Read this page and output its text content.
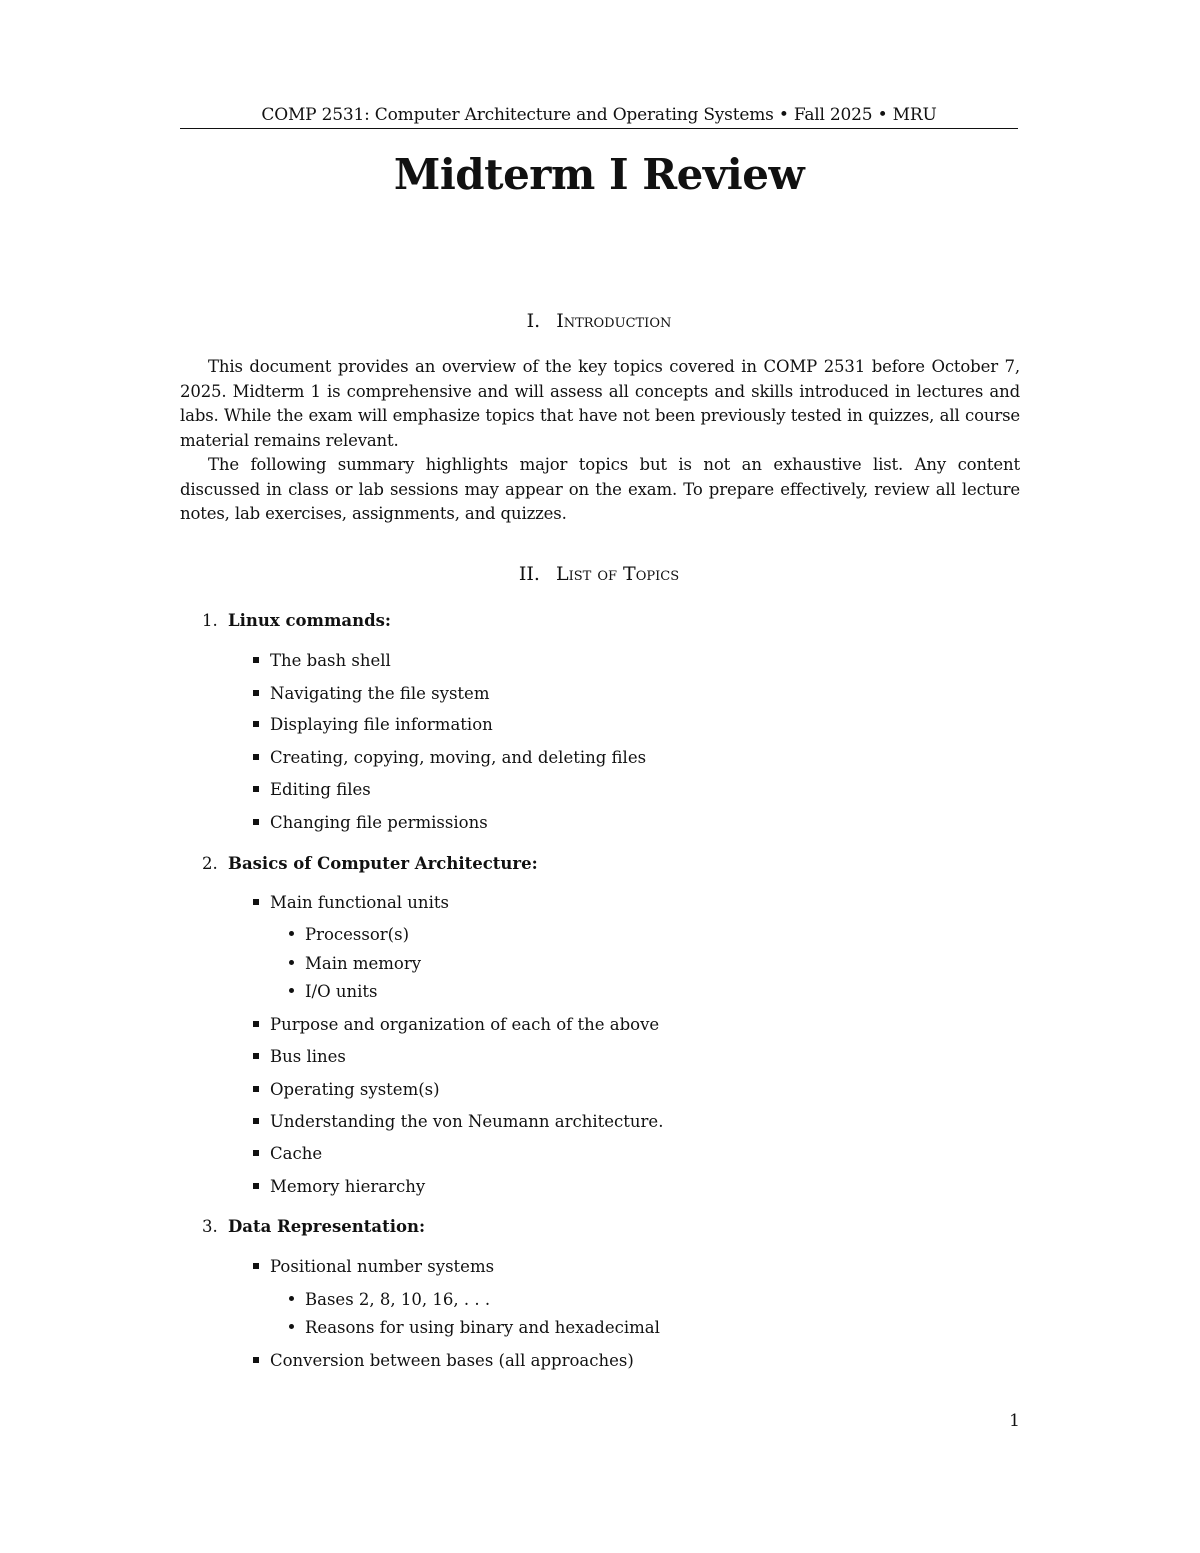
COMP 2531: Computer Architecture and Operating Systems • Fall 2025 • MRU
Midterm I Review
I. Introduction

This document provides an overview of the key topics covered in COMP 2531 before October 7, 2025. Midterm 1 is comprehensive and will assess all concepts and skills introduced in lectures and labs. While the exam will emphasize topics that have not been previously tested in quizzes, all course material remains relevant.

The following summary highlights major topics but is not an exhaustive list. Any content discussed in class or lab sessions may appear on the exam. To prepare effectively, review all lecture notes, lab exercises, assignments, and quizzes.

II. List of Topics
1. Linux commands:
The bash shell
Navigating the file system
Displaying file information
Creating, copying, moving, and deleting files
Editing files
Changing file permissions
2. Basics of Computer Architecture:
Main functional units
Processor(s)
Main memory
I/O units
Purpose and organization of each of the above
Bus lines
Operating system(s)
Understanding the von Neumann architecture.
Cache
Memory hierarchy
3. Data Representation:
Positional number systems
Bases 2, 8, 10, 16, . . .
Reasons for using binary and hexadecimal
Conversion between bases (all approaches)
1
